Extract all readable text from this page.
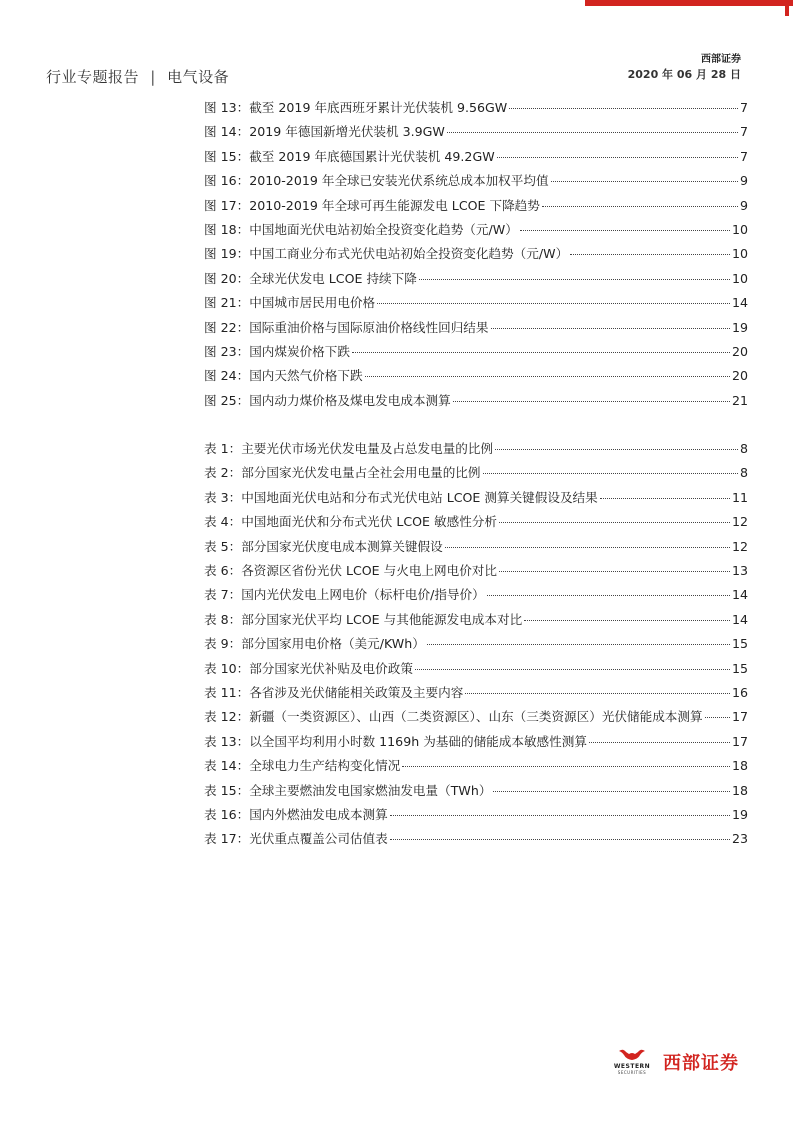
行业专题报告 | 电气设备
西部证券
2020 年 06 月 28 日
图 13：截至 2019 年底西班牙累计光伏装机 9.56GW	7
图 14：2019 年德国新增光伏装机 3.9GW	7
图 15：截至 2019 年底德国累计光伏装机 49.2GW	7
图 16：2010-2019 年全球已安装光伏系统总成本加权平均值	9
图 17：2010-2019 年全球可再生能源发电 LCOE 下降趋势	9
图 18：中国地面光伏电站初始全投资变化趋势（元/W）	10
图 19：中国工商业分布式光伏电站初始全投资变化趋势（元/W）	10
图 20：全球光伏发电 LCOE 持续下降	10
图 21：中国城市居民用电价格	14
图 22：国际重油价格与国际原油价格线性回归结果	19
图 23：国内煤炭价格下跌	20
图 24：国内天然气价格下跌	20
图 25：国内动力煤价格及煤电发电成本测算	21
表 1：主要光伏市场光伏发电量及占总发电量的比例	8
表 2：部分国家光伏发电量占全社会用电量的比例	8
表 3：中国地面光伏电站和分布式光伏电站 LCOE 测算关键假设及结果	11
表 4：中国地面光伏和分布式光伏 LCOE 敏感性分析	12
表 5：部分国家光伏度电成本测算关键假设	12
表 6：各资源区省份光伏 LCOE 与火电上网电价对比	13
表 7：国内光伏发电上网电价（标杆电价/指导价）	14
表 8：部分国家光伏平均 LCOE 与其他能源发电成本对比	14
表 9：部分国家用电价格（美元/KWh）	15
表 10：部分国家光伏补贴及电价政策	15
表 11：各省涉及光伏储能相关政策及主要内容	16
表 12：新疆（一类资源区）、山西（二类资源区）、山东（三类资源区）光伏储能成本测算 17
表 13：以全国平均利用小时数 1169h 为基础的储能成本敏感性测算	17
表 14：全球电力生产结构变化情况	18
表 15：全球主要燃油发电国家燃油发电量（TWh）	18
表 16：国内外燃油发电成本测算	19
表 17：光伏重点覆盖公司估值表	23
WESTERN
SECURITIES 西部证券
